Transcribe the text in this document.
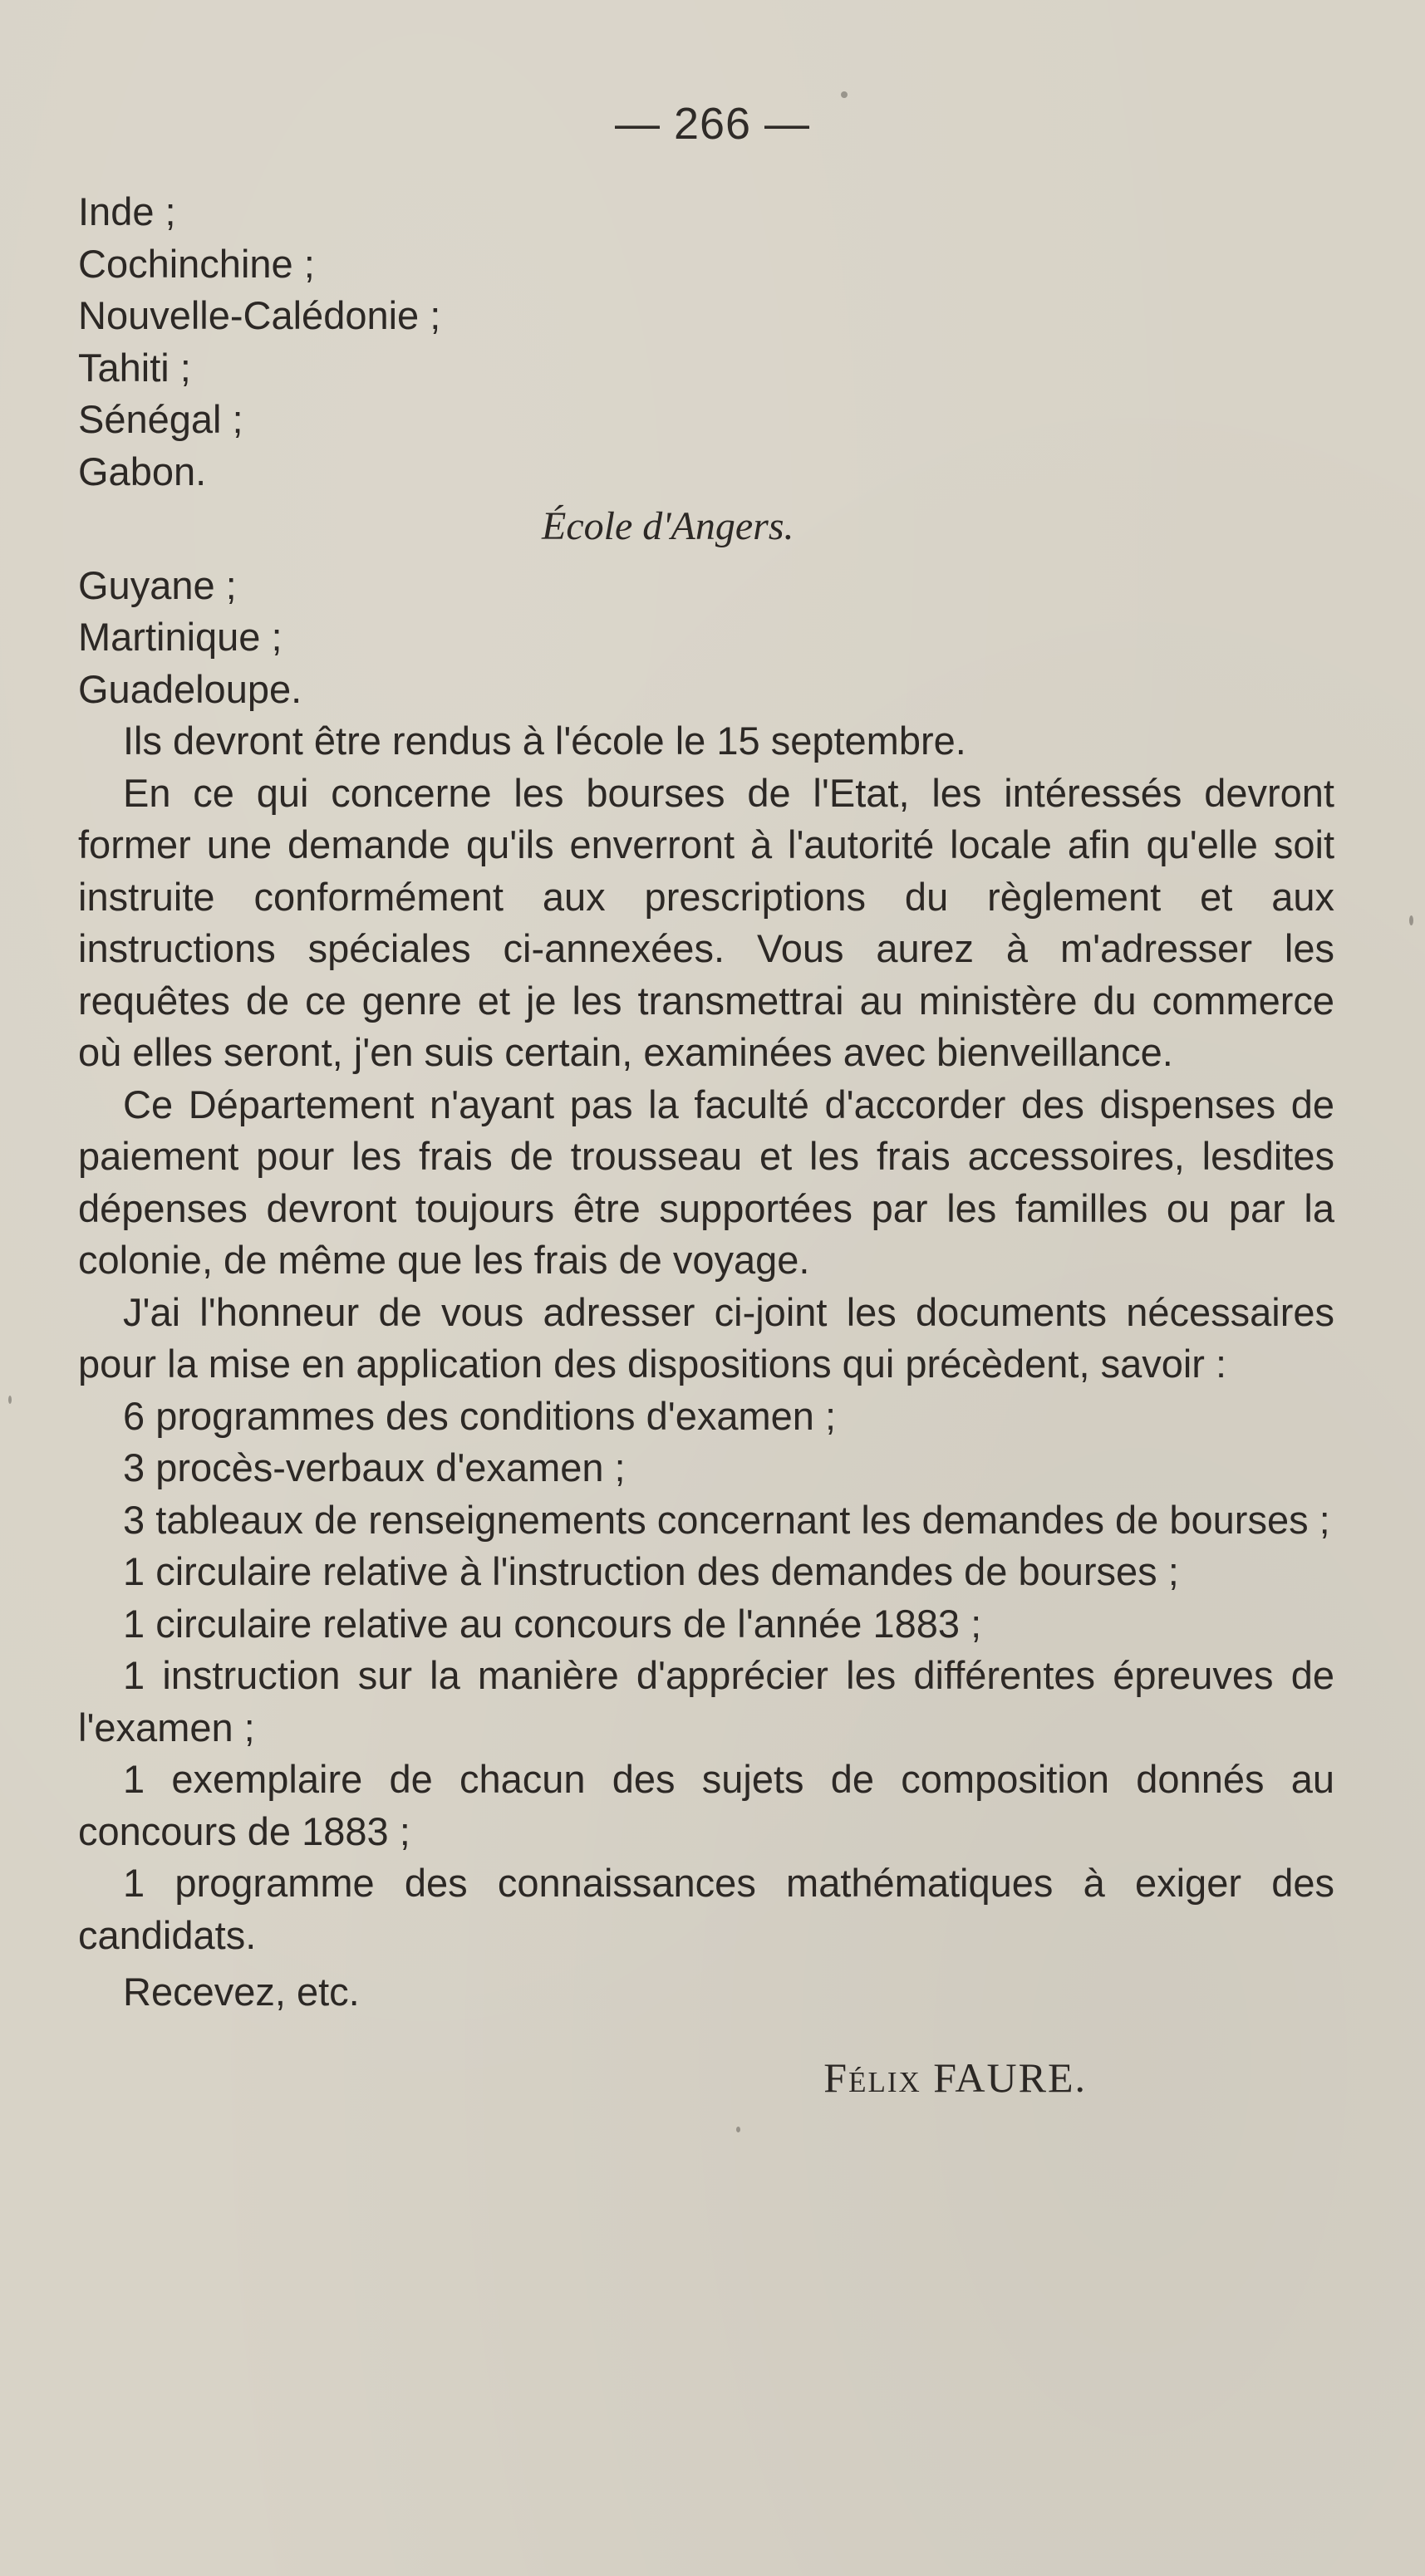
— 266 —
Inde ;
Cochinchine ;
Nouvelle-Calédonie ;
Tahiti ;
Sénégal ;
Gabon.
École d'Angers.
Guyane ;
Martinique ;
Guadeloupe.
Ils devront être rendus à l'école le 15 septembre.
En ce qui concerne les bourses de l'Etat, les intéressés devront former une demande qu'ils enverront à l'autorité locale afin qu'elle soit instruite conformément aux prescriptions du règlement et aux instructions spéciales ci-annexées. Vous aurez à m'adresser les requêtes de ce genre et je les transmettrai au ministère du commerce où elles seront, j'en suis certain, examinées avec bienveillance.
Ce Département n'ayant pas la faculté d'accorder des dispenses de paiement pour les frais de trousseau et les frais accessoires, lesdites dépenses devront toujours être supportées par les familles ou par la colonie, de même que les frais de voyage.
J'ai l'honneur de vous adresser ci-joint les documents nécessaires pour la mise en application des dispositions qui précèdent, savoir :
6 programmes des conditions d'examen ;
3 procès-verbaux d'examen ;
3 tableaux de renseignements concernant les demandes de bourses ;
1 circulaire relative à l'instruction des demandes de bourses ;
1 circulaire relative au concours de l'année 1883 ;
1 instruction sur la manière d'apprécier les différentes épreuves de l'examen ;
1 exemplaire de chacun des sujets de composition donnés au concours de 1883 ;
1 programme des connaissances mathématiques à exiger des candidats.
Recevez, etc.
Félix FAURE.
